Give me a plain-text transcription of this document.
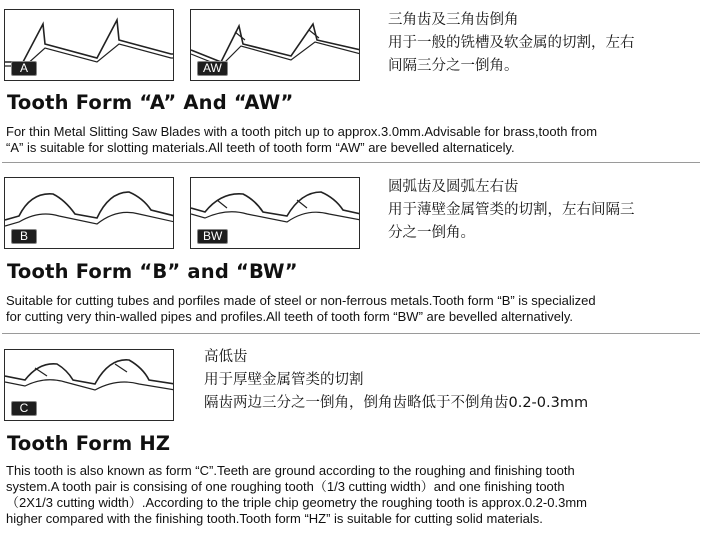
A	AW
三角齿及三角齿倒角
用于一般的铣槽及软金属的切割，左右
间隔三分之一倒角。
Tooth Form “A” And “AW”
For thin Metal Slitting Saw Blades with a tooth pitch up to approx.3.0mm.Advisable for brass,tooth from
“A” is suitable for slotting materials.All teeth of tooth form “AW” are bevelled alternaticely.
B	BW
圆弧齿及圆弧左右齿
用于薄壁金属管类的切割，左右间隔三
分之一倒角。
Tooth Form “B” and “BW”
Suitable for cutting tubes and porfiles made of steel or non-ferrous metals.Tooth form “B” is specialized
for cutting very thin-walled pipes and profiles.All teeth of tooth form “BW” are bevelled alternatively.
C
高低齿
用于厚壁金属管类的切割
隔齿两边三分之一倒角，倒角齿略低于不倒角齿0.2-0.3mm
Tooth Form HZ
This tooth is also known as form “C”.Teeth are ground according to the roughing and finishing tooth
system.A tooth pair is consising of one roughing tooth（1/3 cutting width）and one finishing tooth
（2X1/3 cutting width）.According to the triple chip geometry the roughing tooth is approx.0.2-0.3mm
higher compared with the finishing tooth.Tooth form “HZ” is suitable for cutting solid materials.
